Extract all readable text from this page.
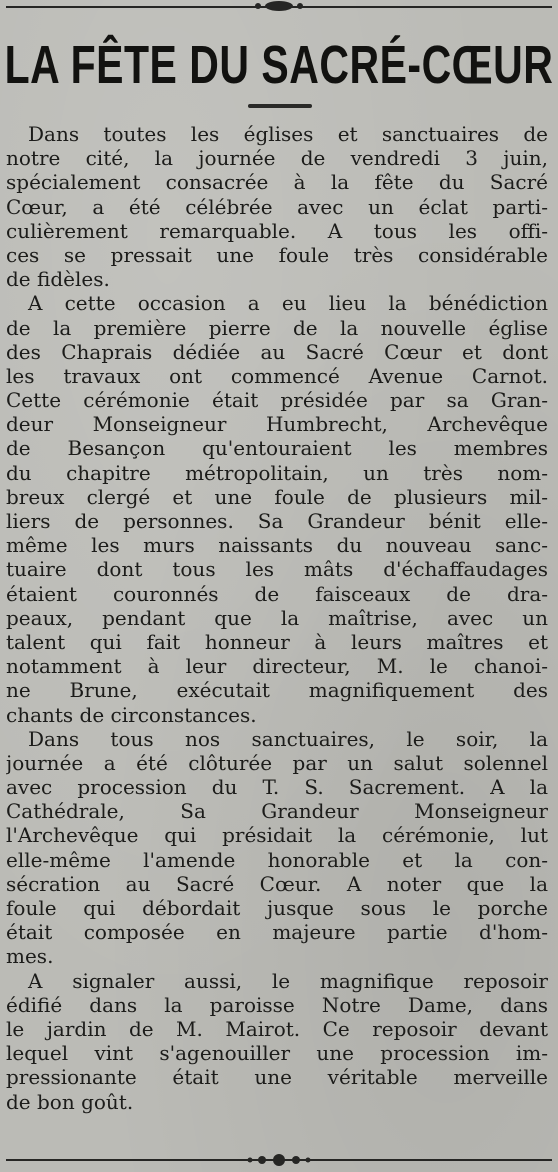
LA FÊTE DU SACRÉ-CŒUR
Dans toutes les églises et sanctuaires de
notre cité, la journée de vendredi 3 juin,
spécialement consacrée à la fête du Sacré
Cœur, a été célébrée avec un éclat parti-
culièrement remarquable. A tous les offi-
ces se pressait une foule très considérable
de fidèles.
A cette occasion a eu lieu la bénédiction
de la première pierre de la nouvelle église
des Chaprais dédiée au Sacré Cœur et dont
les travaux ont commencé Avenue Carnot.
Cette cérémonie était présidée par sa Gran-
deur Monseigneur Humbrecht, Archevêque
de Besançon qu'entouraient les membres
du chapitre métropolitain, un très nom-
breux clergé et une foule de plusieurs mil-
liers de personnes. Sa Grandeur bénit elle-
même les murs naissants du nouveau sanc-
tuaire dont tous les mâts d'échaffaudages
étaient couronnés de faisceaux de dra-
peaux, pendant que la maîtrise, avec un
talent qui fait honneur à leurs maîtres et
notamment à leur directeur, M. le chanoi-
ne Brune, exécutait magnifiquement des
chants de circonstances.
Dans tous nos sanctuaires, le soir, la
journée a été clôturée par un salut solennel
avec procession du T. S. Sacrement. A la
Cathédrale, Sa Grandeur Monseigneur
l'Archevêque qui présidait la cérémonie, lut
elle-même l'amende honorable et la con-
sécration au Sacré Cœur. A noter que la
foule qui débordait jusque sous le porche
était composée en majeure partie d'hom-
mes.
A signaler aussi, le magnifique reposoir
édifié dans la paroisse Notre Dame, dans
le jardin de M. Mairot. Ce reposoir devant
lequel vint s'agenouiller une procession im-
pressionante était une véritable merveille
de bon goût.
